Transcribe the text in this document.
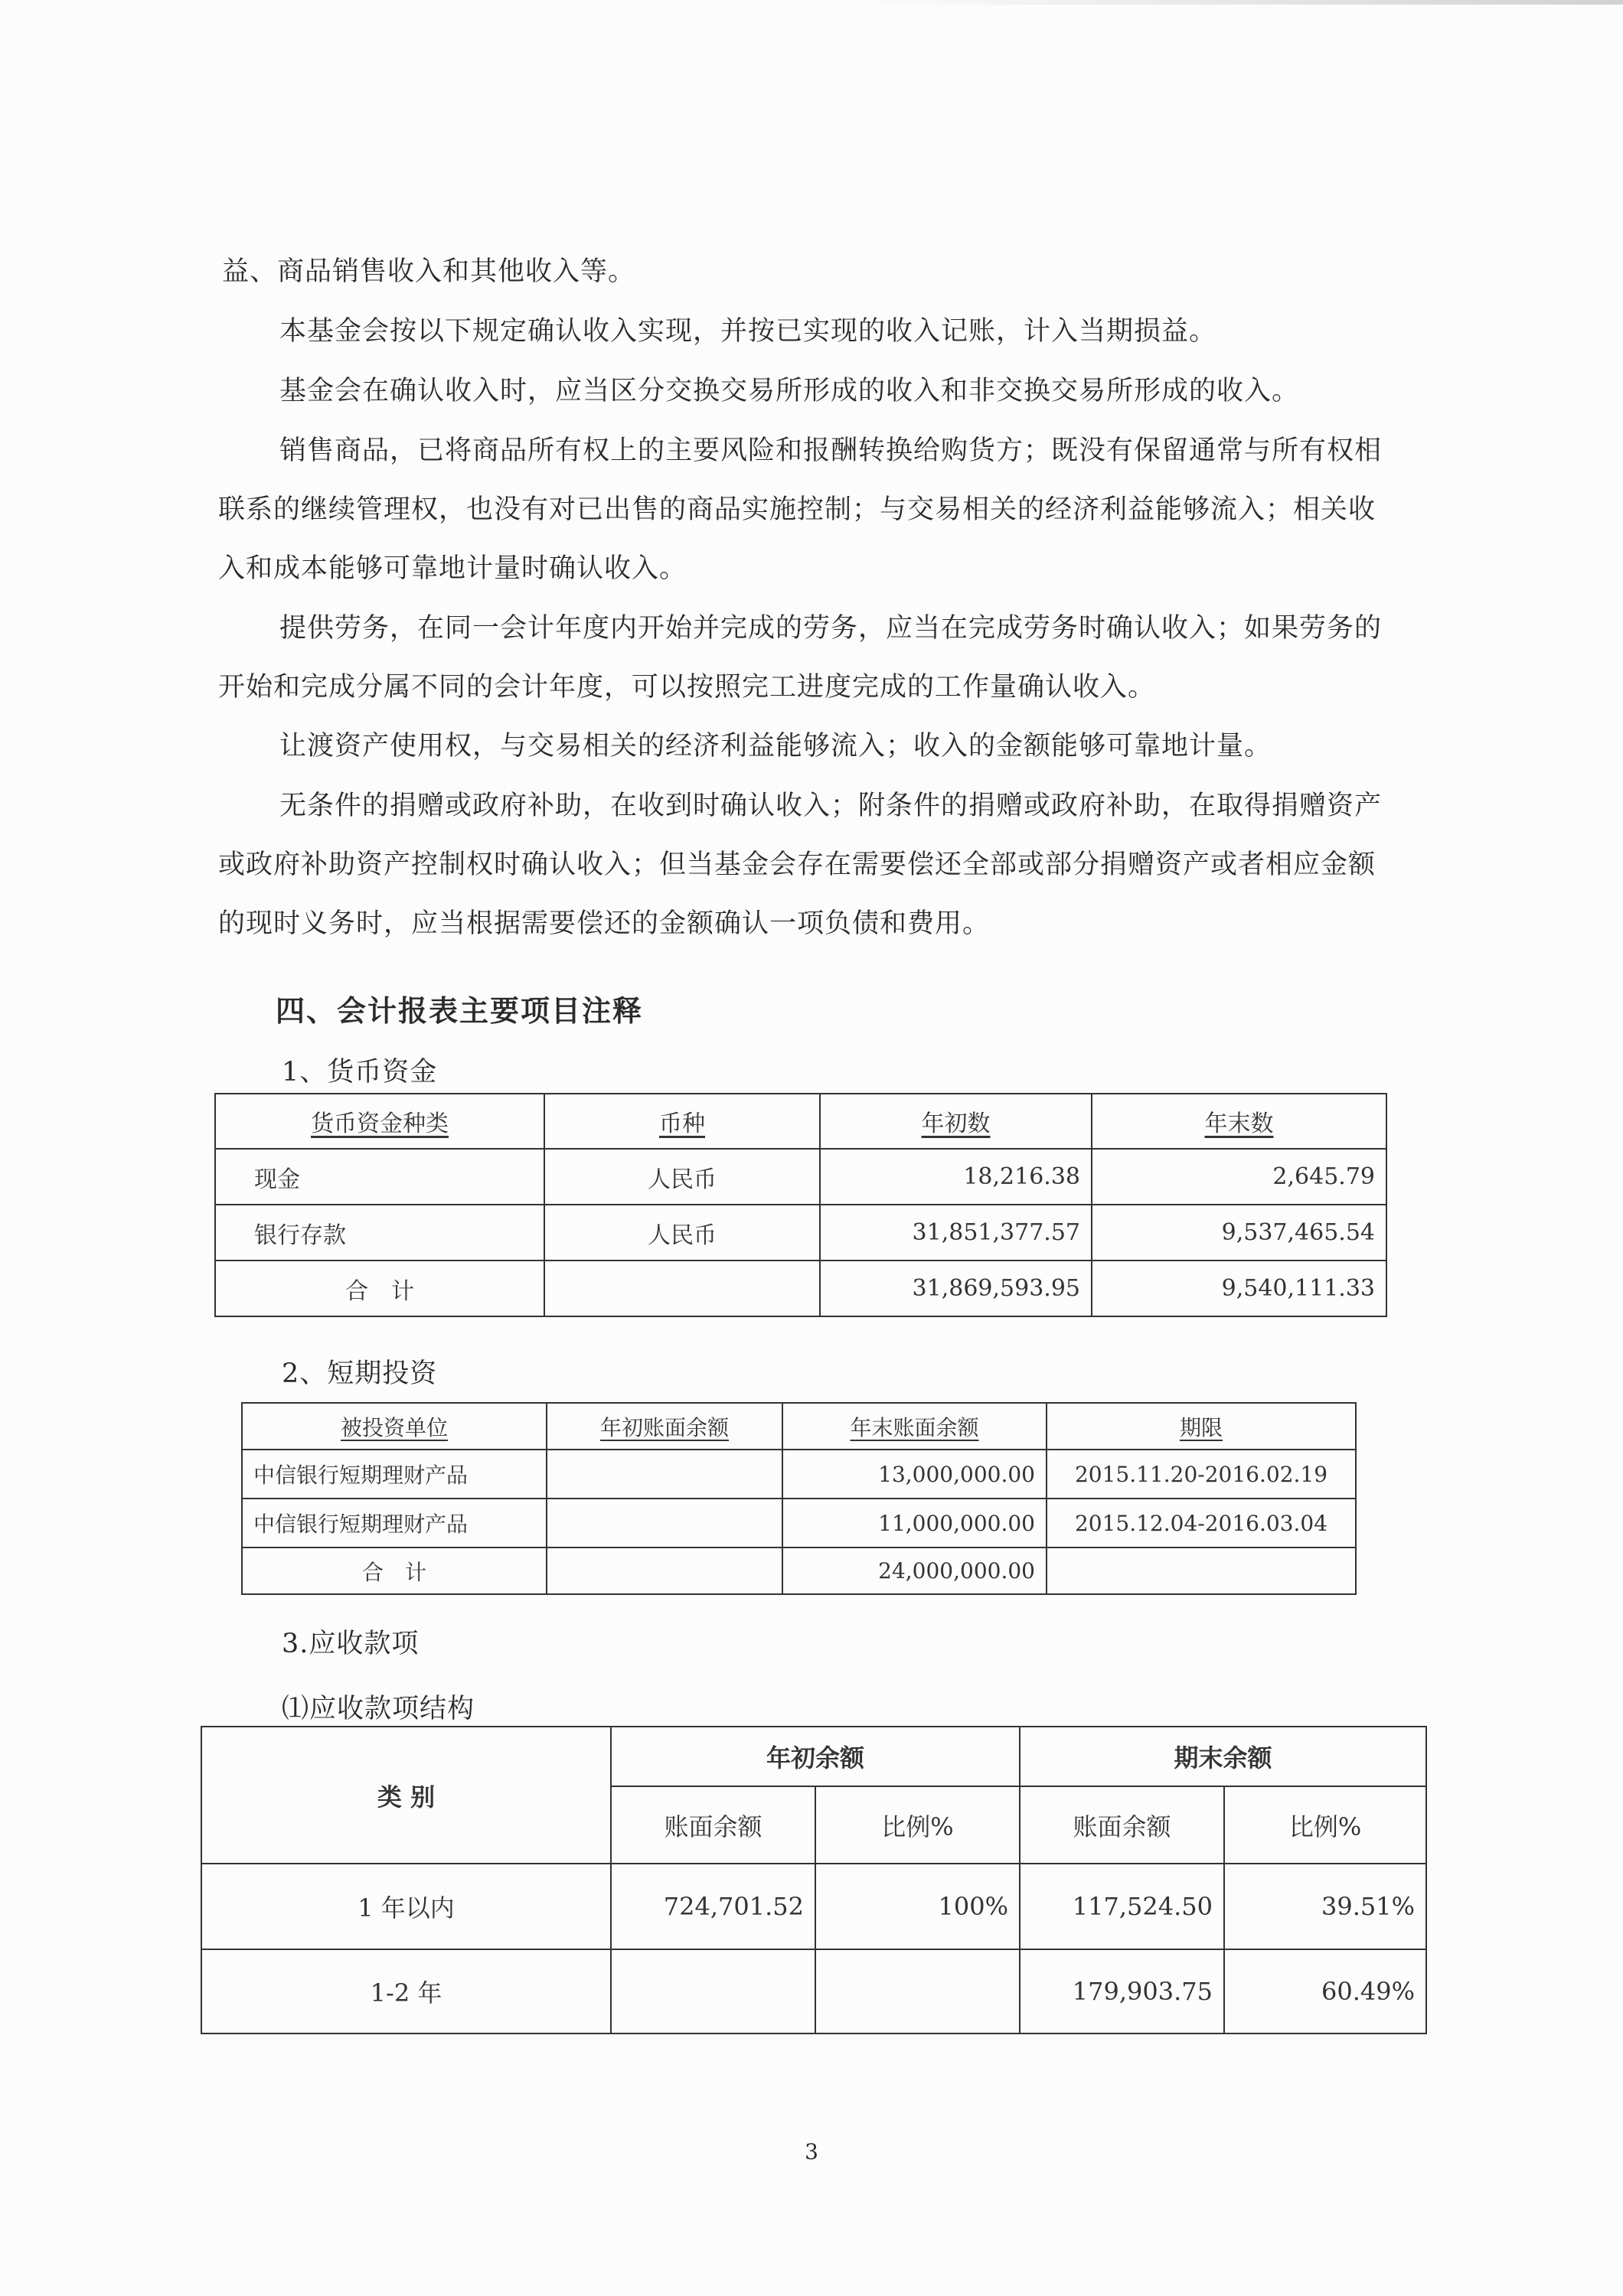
益、商品销售收入和其他收入等。

本基金会按以下规定确认收入实现，并按已实现的收入记账，计入当期损益。

基金会在确认收入时，应当区分交换交易所形成的收入和非交换交易所形成的收入。

销售商品，已将商品所有权上的主要风险和报酬转换给购货方；既没有保留通常与所有权相联系的继续管理权，也没有对已出售的商品实施控制；与交易相关的经济利益能够流入；相关收入和成本能够可靠地计量时确认收入。

提供劳务，在同一会计年度内开始并完成的劳务，应当在完成劳务时确认收入；如果劳务的开始和完成分属不同的会计年度，可以按照完工进度完成的工作量确认收入。

让渡资产使用权，与交易相关的经济利益能够流入；收入的金额能够可靠地计量。

无条件的捐赠或政府补助，在收到时确认收入；附条件的捐赠或政府补助，在取得捐赠资产或政府补助资产控制权时确认收入；但当基金会存在需要偿还全部或部分捐赠资产或者相应金额的现时义务时，应当根据需要偿还的金额确认一项负债和费用。

四、会计报表主要项目注释
1、货币资金
货币资金种类	币种	年初数	年末数
现金	人民币	18,216.38	2,645.79
银行存款	人民币	31,851,377.57	9,537,465.54
合　计		31,869,593.95	9,540,111.33
2、短期投资
被投资单位	年初账面余额	年末账面余额	期限
中信银行短期理财产品		13,000,000.00	2015.11.20-2016.02.19
中信银行短期理财产品		11,000,000.00	2015.12.04-2016.03.04
合　计		24,000,000.00	
3.应收款项

⑴应收款项结构

类 别	年初余额		期末余额	
	账面余额	比例%	账面余额	比例%
1 年以内	724,701.52	100%	117,524.50	39.51%
1-2 年			179,903.75	60.49%
3
